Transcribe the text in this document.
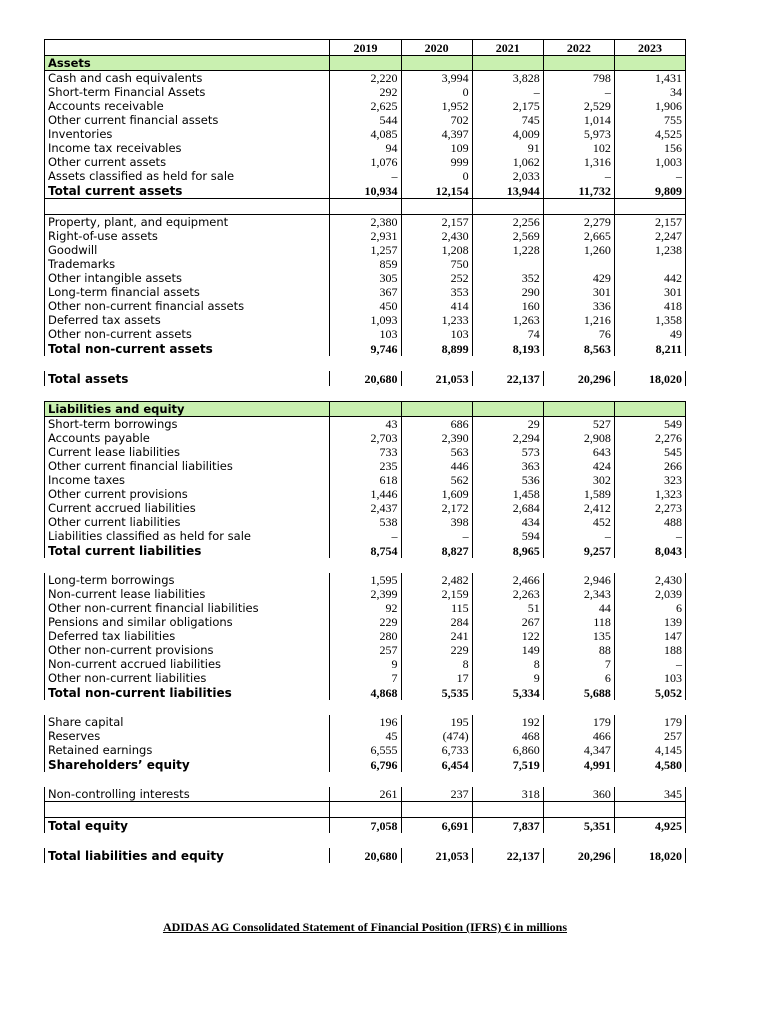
	2019	2020	2021	2022	2023
Assets					
Cash and cash equivalents	2,220	3,994	3,828	798	1,431
Short-term Financial Assets	292	0	–	–	34
Accounts receivable	2,625	1,952	2,175	2,529	1,906
Other current financial assets	544	702	745	1,014	755
Inventories	4,085	4,397	4,009	5,973	4,525
Income tax receivables	94	109	91	102	156
Other current assets	1,076	999	1,062	1,316	1,003
Assets classified as held for sale	–	0	2,033	–	–
Total current assets	10,934	12,154	13,944	11,732	9,809

Property, plant, and equipment	2,380	2,157	2,256	2,279	2,157
Right-of-use assets	2,931	2,430	2,569	2,665	2,247
Goodwill	1,257	1,208	1,228	1,260	1,238
Trademarks	859	750			
Other intangible assets	305	252	352	429	442
Long-term financial assets	367	353	290	301	301
Other non-current financial assets	450	414	160	336	418
Deferred tax assets	1,093	1,233	1,263	1,216	1,358
Other non-current assets	103	103	74	76	49
Total non-current assets	9,746	8,899	8,193	8,563	8,211

Total assets	20,680	21,053	22,137	20,296	18,020

Liabilities and equity					
Short-term borrowings	43	686	29	527	549
Accounts payable	2,703	2,390	2,294	2,908	2,276
Current lease liabilities	733	563	573	643	545
Other current financial liabilities	235	446	363	424	266
Income taxes	618	562	536	302	323
Other current provisions	1,446	1,609	1,458	1,589	1,323
Current accrued liabilities	2,437	2,172	2,684	2,412	2,273
Other current liabilities	538	398	434	452	488
Liabilities classified as held for sale	–	–	594	–	–
Total current liabilities	8,754	8,827	8,965	9,257	8,043

Long-term borrowings	1,595	2,482	2,466	2,946	2,430
Non-current lease liabilities	2,399	2,159	2,263	2,343	2,039
Other non-current financial liabilities	92	115	51	44	6
Pensions and similar obligations	229	284	267	118	139
Deferred tax liabilities	280	241	122	135	147
Other non-current provisions	257	229	149	88	188
Non-current accrued liabilities	9	8	8	7	–
Other non-current liabilities	7	17	9	6	103
Total non-current liabilities	4,868	5,535	5,334	5,688	5,052

Share capital	196	195	192	179	179
Reserves	45	(474)	468	466	257
Retained earnings	6,555	6,733	6,860	4,347	4,145
Shareholders’ equity	6,796	6,454	7,519	4,991	4,580

Non-controlling interests	261	237	318	360	345

Total equity	7,058	6,691	7,837	5,351	4,925

Total liabilities and equity	20,680	21,053	22,137	20,296	18,020
ADIDAS AG Consolidated Statement of Financial Position (IFRS) € in millions
